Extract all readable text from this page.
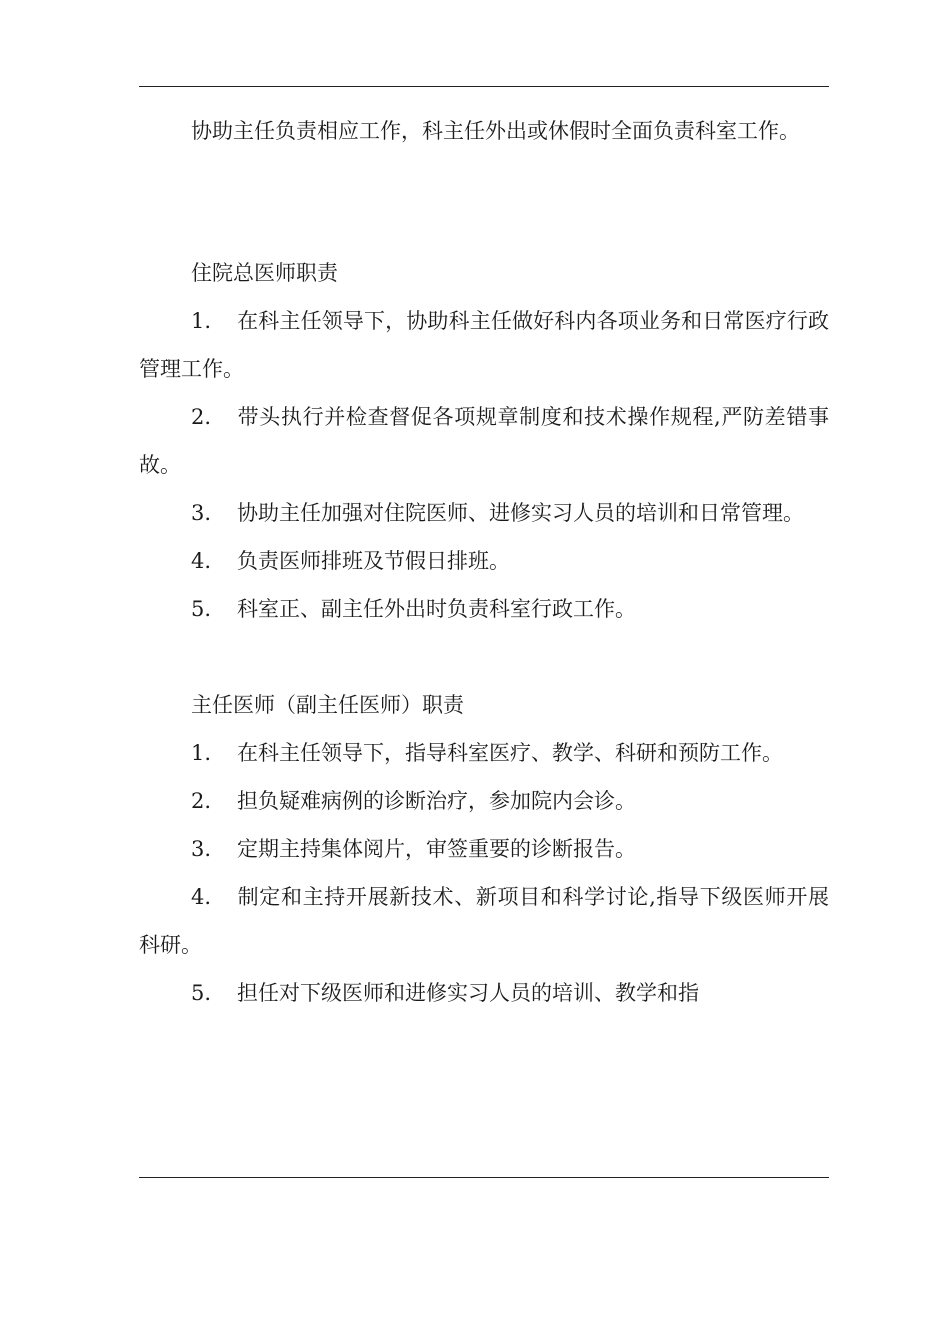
协助主任负责相应工作，科主任外出或休假时全面负责科室工作。

住院总医师职责

1. 在科主任领导下，协助科主任做好科内各项业务和日常医疗行政管理工作。

2. 带头执行并检查督促各项规章制度和技术操作规程,严防差错事故。

3. 协助主任加强对住院医师、进修实习人员的培训和日常管理。

4. 负责医师排班及节假日排班。

5. 科室正、副主任外出时负责科室行政工作。

主任医师（副主任医师）职责

1. 在科主任领导下，指导科室医疗、教学、科研和预防工作。

2. 担负疑难病例的诊断治疗，参加院内会诊。

3. 定期主持集体阅片，审签重要的诊断报告。

4. 制定和主持开展新技术、新项目和科学讨论,指导下级医师开展科研。

5. 担任对下级医师和进修实习人员的培训、教学和指
